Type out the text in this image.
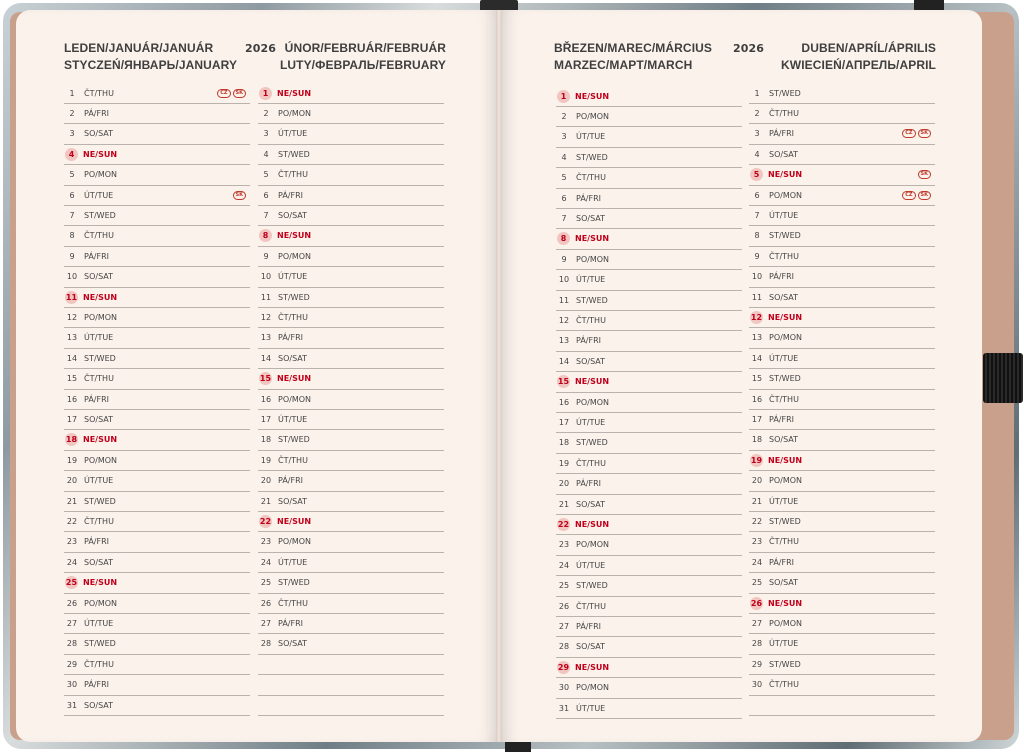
LEDEN/JANUÁR/JANUÁR
STYCZEŃ/ЯНВАРЬ/JANUARY
2026 ÚNOR/FEBRUÁR/FEBRUÁR
LUTY/ФЕВРАЛЬ/FEBRUARY
1	ČT/THU	CZ	SK
2	PÁ/FRI
3	SO/SAT
4	NE/SUN
5	PO/MON
6	ÚT/TUE	SK
7	ST/WED
8	ČT/THU
9	PÁ/FRI
10 SO/SAT
11 NE/SUN
12 PO/MON
13 ÚT/TUE
14 ST/WED
15 ČT/THU
16 PÁ/FRI
17 SO/SAT
18 NE/SUN
19 PO/MON
20 ÚT/TUE
21 ST/WED
22 ČT/THU
23 PÁ/FRI
24 SO/SAT
25 NE/SUN
26 PO/MON
27 ÚT/TUE
28 ST/WED
29 ČT/THU
30 PÁ/FRI
31 SO/SAT
1	NE/SUN
2	PO/MON
3	ÚT/TUE
4	ST/WED
5	ČT/THU
6	PÁ/FRI
7	SO/SAT
8	NE/SUN
9	PO/MON
10 ÚT/TUE
11 ST/WED
12 ČT/THU
13 PÁ/FRI
14 SO/SAT
15 NE/SUN
16 PO/MON
17 ÚT/TUE
18 ST/WED
19 ČT/THU
20 PÁ/FRI
21 SO/SAT
22 NE/SUN
23 PO/MON
24 ÚT/TUE
25 ST/WED
26 ČT/THU
27 PÁ/FRI
28 SO/SAT
BŘEZEN/MAREC/MÁRCIUS
MARZEC/MAPT/MARCH
2026	DUBEN/APRÍL/ÁPRILIS
KWIECIEŃ/АПРЕЛЬ/APRIL
1	NE/SUN
2	PO/MON
3	ÚT/TUE
4	ST/WED
5	ČT/THU
6	PÁ/FRI
7	SO/SAT
8	NE/SUN
9	PO/MON
10 ÚT/TUE
11 ST/WED
12 ČT/THU
13 PÁ/FRI
14 SO/SAT
15 NE/SUN
16 PO/MON
17 ÚT/TUE
18 ST/WED
19 ČT/THU
20 PÁ/FRI
21 SO/SAT
22 NE/SUN
23 PO/MON
24 ÚT/TUE
25 ST/WED
26 ČT/THU
27 PÁ/FRI
28 SO/SAT
29 NE/SUN
30 PO/MON
31 ÚT/TUE
1	ST/WED
2	ČT/THU
3	PÁ/FRI	CZ	SK
4	SO/SAT
5	NE/SUN	SK
6	PO/MON	CZ	SK
7	ÚT/TUE
8	ST/WED
9	ČT/THU
10 PÁ/FRI
11 SO/SAT
12 NE/SUN
13 PO/MON
14 ÚT/TUE
15 ST/WED
16 ČT/THU
17 PÁ/FRI
18 SO/SAT
19 NE/SUN
20 PO/MON
21 ÚT/TUE
22 ST/WED
23 ČT/THU
24 PÁ/FRI
25 SO/SAT
26 NE/SUN
27 PO/MON
28 ÚT/TUE
29 ST/WED
30 ČT/THU
